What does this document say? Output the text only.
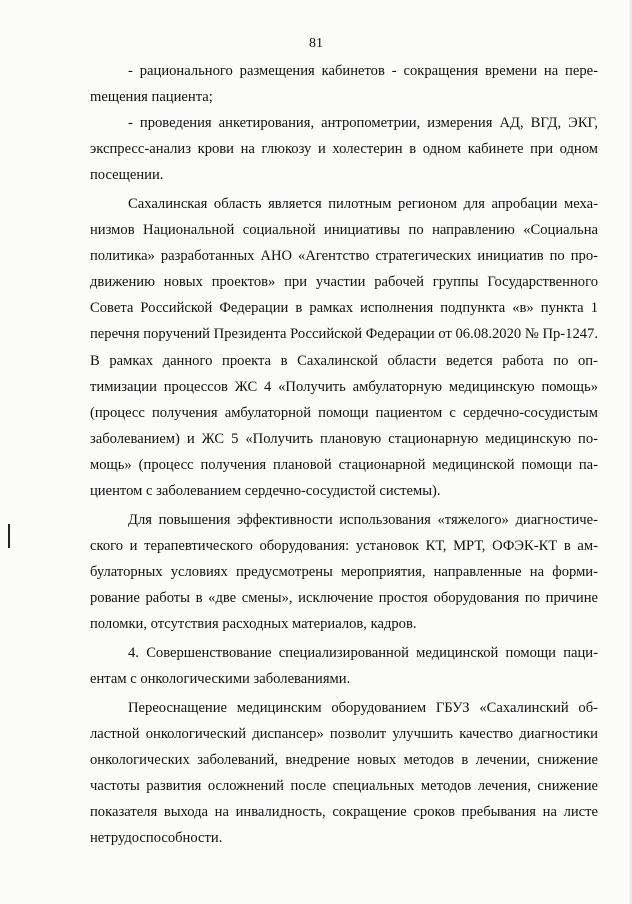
81

- рационального размещения кабинетов - сокращения времени на переmещения пациента;

- проведения анкетирования, антропометрии, измерения АД, ВГД, ЭКГ, экспресс-анализ крови на глюкозу и холестерин в одном кабинете при одном посещении.

Сахалинская область является пилотным регионом для апробации механизмов Национальной социальной инициативы по направлению «Социальна политика» разработанных АНО «Агентство стратегических инициатив по продвижению новых проектов» при участии рабочей группы Государственного Совета Российской Федерации в рамках исполнения подпункта «в» пункта 1 перечня поручений Президента Российской Федерации от 06.08.2020 № Пр-1247. В рамках данного проекта в Сахалинской области ведется работа по оптимизации процессов ЖС 4 «Получить амбулаторную медицинскую помощь» (процесс получения амбулаторной помощи пациентом с сердечно-сосудистым заболеванием) и ЖС 5 «Получить плановую стационарную медицинскую помощь» (процесс получения плановой стационарной медицинской помощи пациентом с заболеванием сердечно-сосудистой системы).

Для повышения эффективности использования «тяжелого» диагностического и терапевтического оборудования: установок КТ, МРТ, ОФЭК-КТ в амбулаторных условиях предусмотрены мероприятия, направленные на формирование работы в «две смены», исключение простоя оборудования по причине поломки, отсутствия расходных материалов, кадров.

4. Совершенствование специализированной медицинской помощи пациентам с онкологическими заболеваниями.

Переоснащение медицинским оборудованием ГБУЗ «Сахалинский областной онкологический диспансер» позволит улучшить качество диагностики онкологических заболеваний, внедрение новых методов в лечении, снижение частоты развития осложнений после специальных методов лечения, снижение показателя выхода на инвалидность, сокращение сроков пребывания на листе нетрудоспособности.
